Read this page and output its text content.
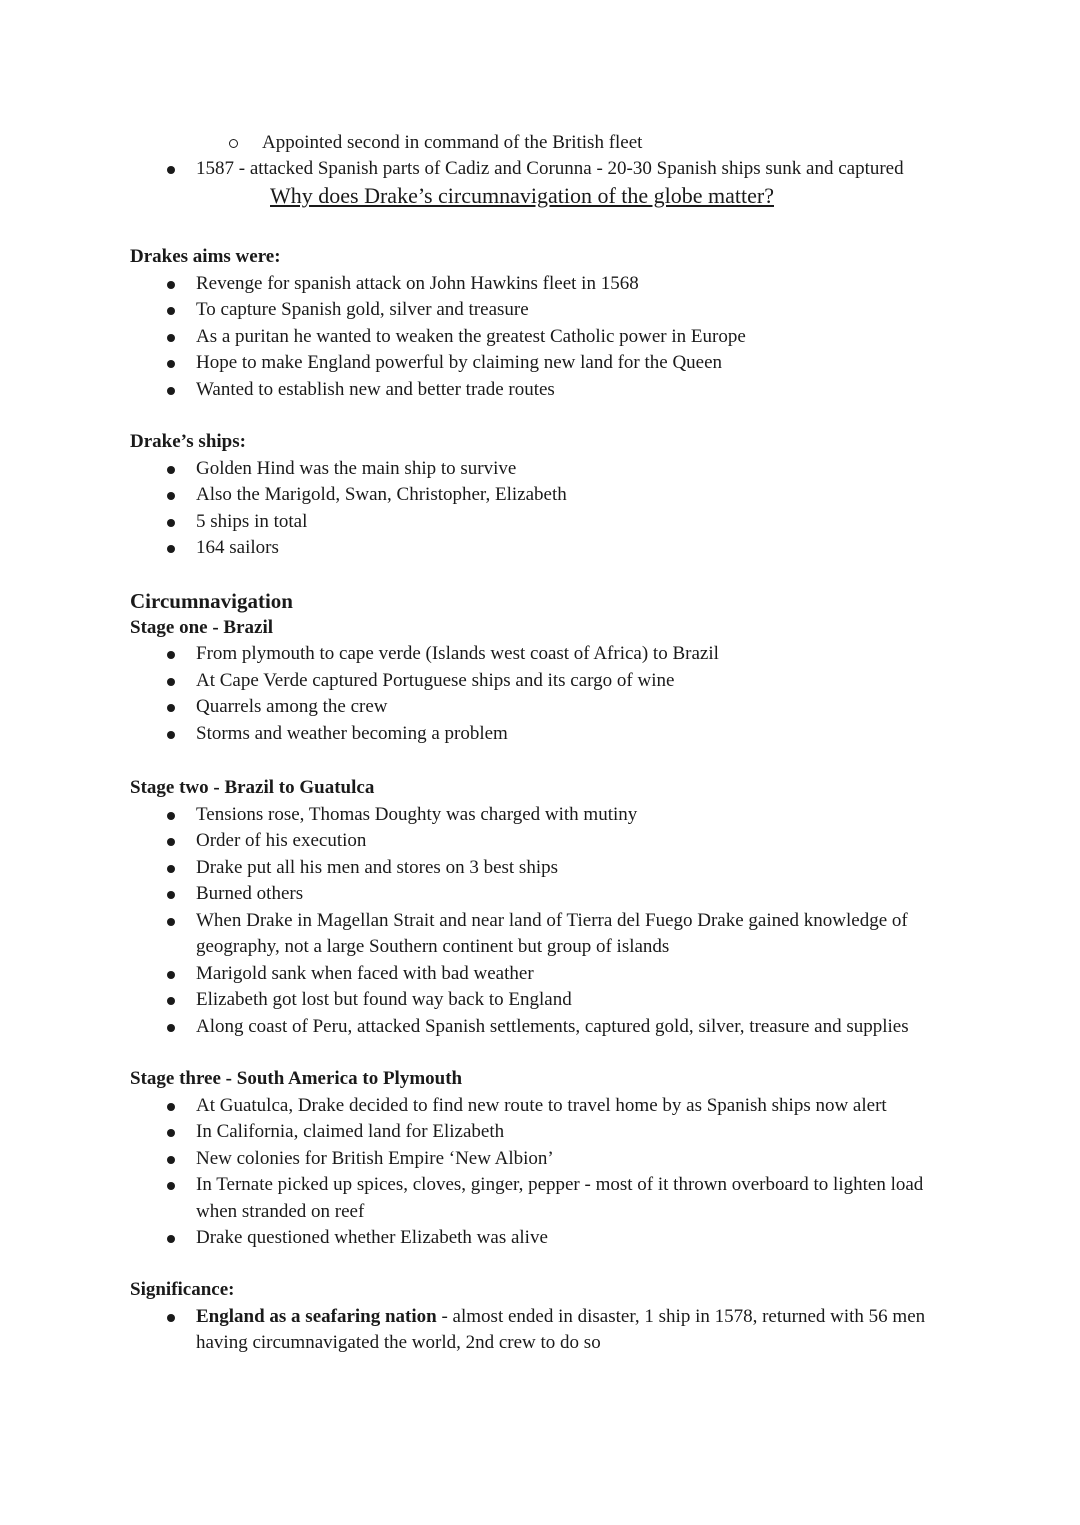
Appointed second in command of the British fleet
1587 - attacked Spanish parts of Cadiz and Corunna - 20-30 Spanish ships sunk and captured
Why does Drake’s circumnavigation of the globe matter?
Drakes aims were:
Revenge for spanish attack on John Hawkins fleet in 1568
To capture Spanish gold, silver and treasure
As a puritan he wanted to weaken the greatest Catholic power in Europe
Hope to make England powerful by claiming new land for the Queen
Wanted to establish new and better trade routes
Drake’s ships:
Golden Hind was the main ship to survive
Also the Marigold, Swan, Christopher, Elizabeth
5 ships in total
164 sailors
Circumnavigation
Stage one - Brazil
From plymouth to cape verde (Islands west coast of Africa) to Brazil
At Cape Verde captured Portuguese ships and its cargo of wine
Quarrels among the crew
Storms and weather becoming a problem
Stage two - Brazil to Guatulca
Tensions rose, Thomas Doughty was charged with mutiny
Order of his execution
Drake put all his men and stores on 3 best ships
Burned others
When Drake in Magellan Strait and near land of Tierra del Fuego Drake gained knowledge of geography, not a large Southern continent but group of islands
Marigold sank when faced with bad weather
Elizabeth got lost but found way back to England
Along coast of Peru, attacked Spanish settlements, captured gold, silver, treasure and supplies
Stage three - South America to Plymouth
At Guatulca, Drake decided to find new route to travel home by as Spanish ships now alert
In California, claimed land for Elizabeth
New colonies for British Empire ‘New Albion’
In Ternate picked up spices, cloves, ginger, pepper - most of it thrown overboard to lighten load when stranded on reef
Drake questioned whether Elizabeth was alive
Significance:
England as a seafaring nation - almost ended in disaster, 1 ship in 1578, returned with 56 men having circumnavigated the world, 2nd crew to do so
